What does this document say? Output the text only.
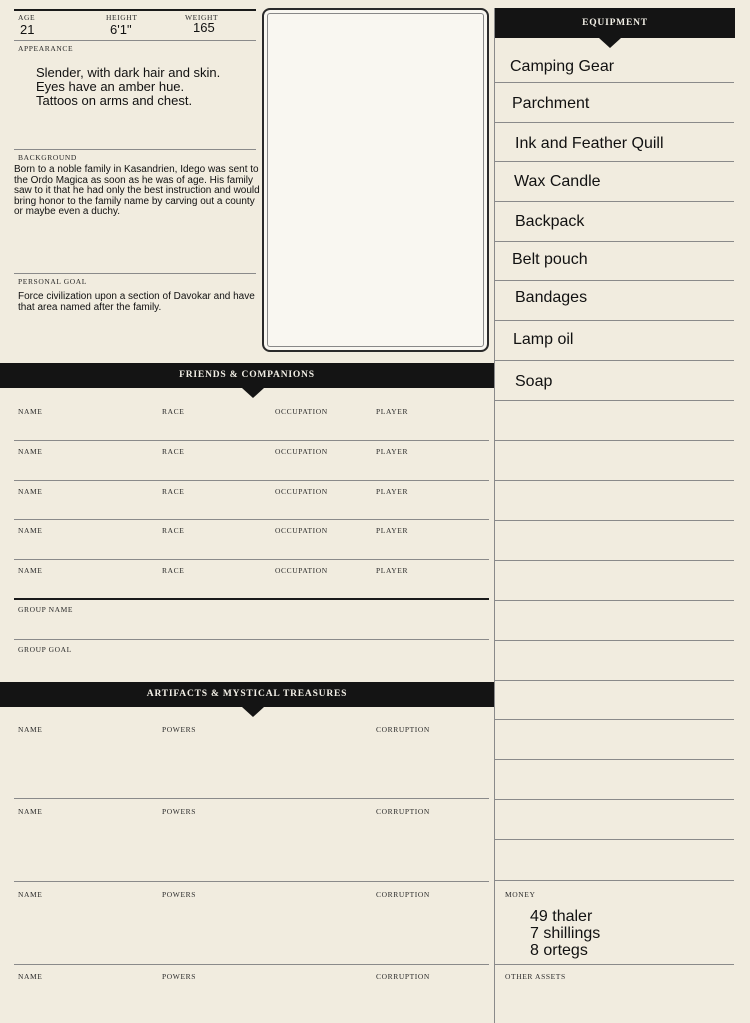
AGE
21
HEIGHT
6'1"
WEIGHT
165
APPEARANCE
Slender, with dark hair and skin.
Eyes have an amber hue.
Tattoos on arms and chest.
BACKGROUND
Born to a noble family in Kasandrien, Idego was sent to the Ordo Magica as soon as he was of age. His family saw to it that he had only the best instruction and would bring honor to the family name by carving out a county or maybe even a duchy.
PERSONAL GOAL
Force civilization upon a section of Davokar and have that area named after the family.
EQUIPMENT
Camping Gear
Parchment
Ink and Feather Quill
Wax Candle
Backpack
Belt pouch
Bandages
Lamp oil
Soap
MONEY
49 thaler
7 shillings
8 ortegs
OTHER ASSETS
FRIENDS & COMPANIONS
NAME	RACE	OCCUPATION	PLAYER
NAME	RACE	OCCUPATION	PLAYER
NAME	RACE	OCCUPATION	PLAYER
NAME	RACE	OCCUPATION	PLAYER
NAME	RACE	OCCUPATION	PLAYER
GROUP NAME
GROUP GOAL
ARTIFACTS & MYSTICAL TREASURES
NAME	POWERS	CORRUPTION
NAME	POWERS	CORRUPTION
NAME	POWERS	CORRUPTION
NAME	POWERS	CORRUPTION
